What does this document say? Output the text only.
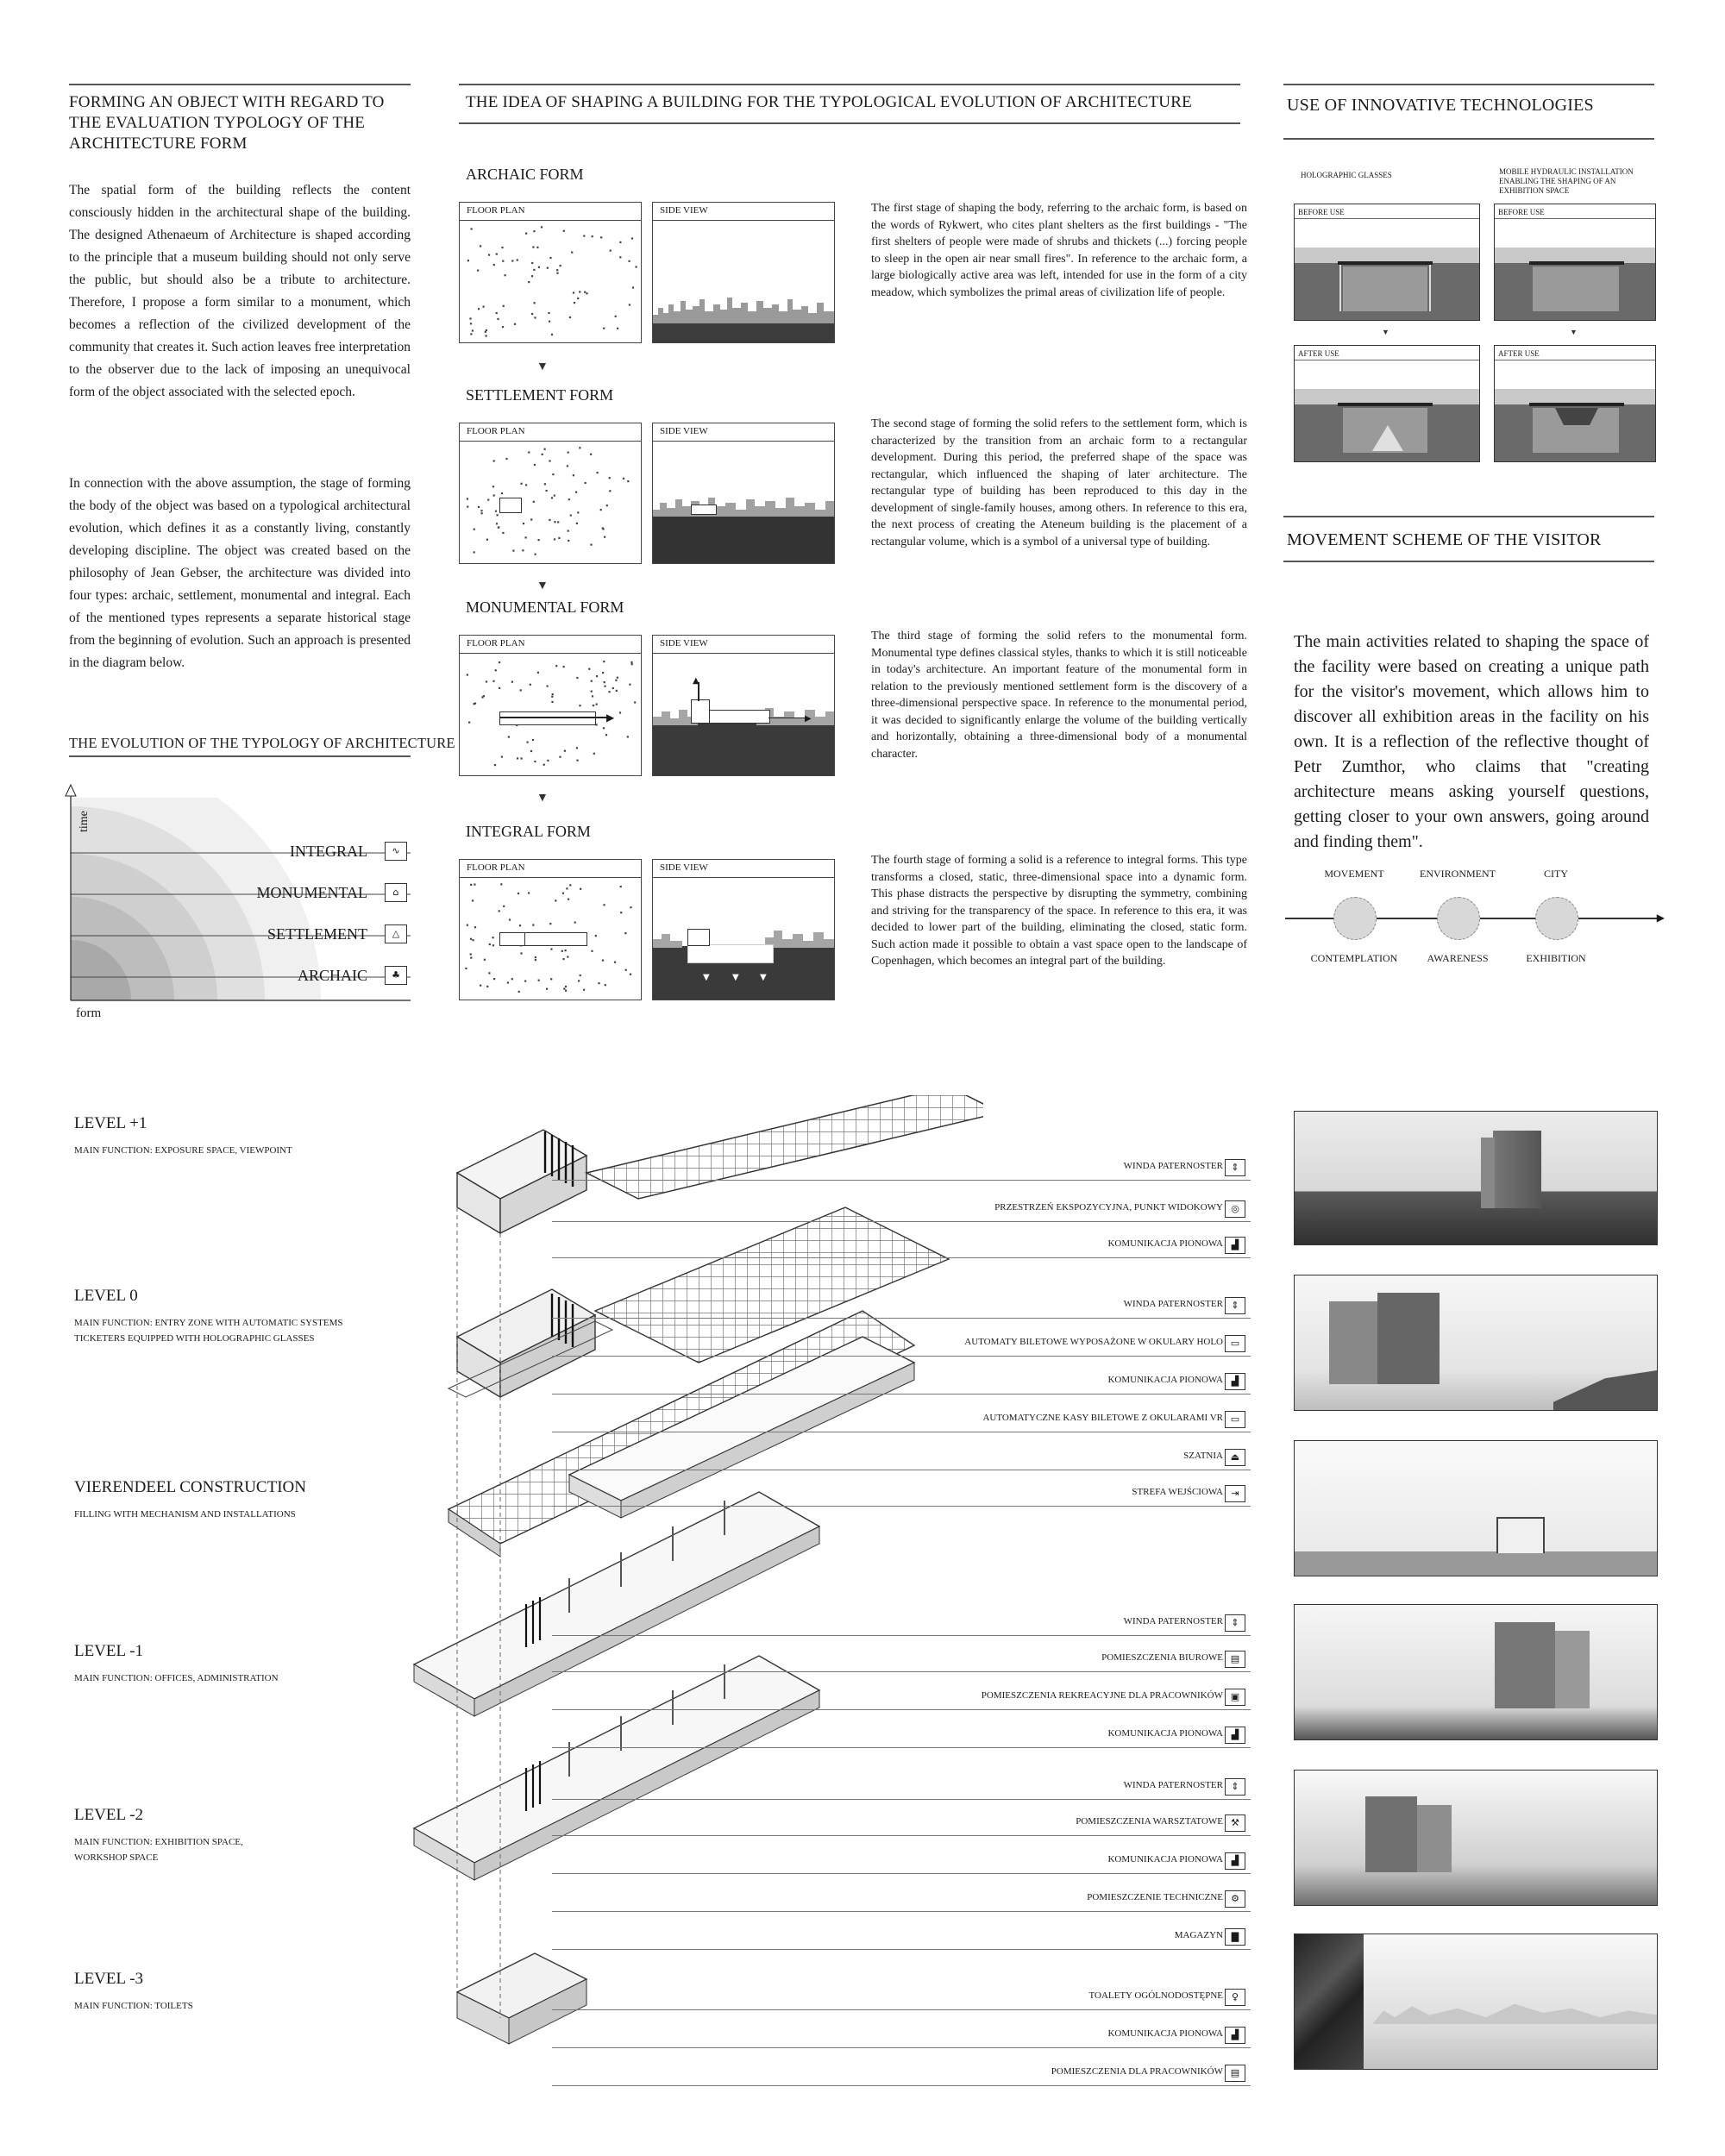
FORMING AN OBJECT WITH REGARD TO THE EVALUATION TYPOLOGY OF THE ARCHITECTURE FORM
The spatial form of the building reflects the content consciously hidden in the architectural shape of the building. The designed Athenaeum of Architecture is shaped according to the principle that a museum building should not only serve the public, but should also be a tribute to architecture. Therefore, I propose a form similar to a monument, which becomes a reflection of the civilized development of the community that creates it. Such action leaves free interpretation to the observer due to the lack of imposing an unequivocal form of the object associated with the selected epoch.
In connection with the above assumption, the stage of forming the body of the object was based on a typological architectural evolution, which defines it as a constantly living, constantly developing discipline. The object was created based on the philosophy of Jean Gebser, the architecture was divided into four types: archaic, settlement, monumental and integral. Each of the mentioned types represents a separate historical stage from the beginning of evolution. Such an approach is presented in the diagram below.
THE EVOLUTION OF THE TYPOLOGY OF ARCHITECTURE
time
form
INTEGRAL	∿
MONUMENTAL	⌂
SETTLEMENT	△
ARCHAIC	♣
THE IDEA OF SHAPING A BUILDING FOR THE TYPOLOGICAL EVOLUTION OF ARCHITECTURE
ARCHAIC FORM
FLOOR PLAN	SIDE VIEW	The first stage of shaping the body, referring to the archaic form, is based on the words of Rykwert, who cites plant shelters as the first buildings - "The first shelters of people were made of shrubs and thickets (...) forcing people to sleep in the open air near small fires". In reference to the archaic form, a large biologically active area was left, intended for use in the form of a city meadow, which symbolizes the primal areas of civilization life of people.
▼
SETTLEMENT FORM
FLOOR PLAN	SIDE VIEW
The second stage of forming the solid refers to the settlement form, which is characterized by the transition from an archaic form to a rectangular development. During this period, the preferred shape of the space was rectangular, which influenced the shaping of later architecture. The rectangular type of building has been reproduced to this day in the development of single-family houses, among others. In reference to this era, the next process of creating the Ateneum building is the placement of a rectangular volume, which is a symbol of a universal type of building.
▼
MONUMENTAL FORM
FLOOR PLAN
▶
SIDE VIEW
▲
▶
The third stage of forming the solid refers to the monumental form. Monumental type defines classical styles, thanks to which it is still noticeable in today's architecture. An important feature of the monumental form in relation to the previously mentioned settlement form is the discovery of a three-dimensional perspective space. In reference to the monumental period, it was decided to significantly enlarge the volume of the building vertically and horizontally, obtaining a three-dimensional body of a monumental character.
▼
INTEGRAL FORM
FLOOR PLAN	SIDE VIEW
▼	▼ ▼
The fourth stage of forming a solid is a reference to integral forms. This type transforms a closed, static, three-dimensional space into a dynamic form. This phase distracts the perspective by disrupting the symmetry, combining and striving for the transparency of the space. In reference to this era, it was decided to lower part of the building, eliminating the closed, static form. Such action made it possible to obtain a vast space open to the landscape of Copenhagen, which becomes an integral part of the building.
USE OF INNOVATIVE TECHNOLOGIES
HOLOGRAPHIC GLASSES	MOBILE HYDRAULIC INSTALLATION ENABLING THE SHAPING OF AN EXHIBITION SPACE
BEFORE USE	BEFORE USE
▼	▼
AFTER USE	AFTER USE
MOVEMENT SCHEME OF THE VISITOR
The main activities related to shaping the space of the facility were based on creating a unique path for the visitor's movement, which allows him to discover all exhibition areas in the facility on his own. It is a reflection of the reflective thought of Petr Zumthor, who claims that "creating architecture means asking yourself questions, getting closer to your own answers, going around and finding them".
▶
MOVEMENT
CONTEMPLATION
ENVIRONMENT
AWARENESS
CITY
EXHIBITION
LEVEL +1
MAIN FUNCTION: EXPOSURE SPACE, VIEWPOINT
LEVEL 0
MAIN FUNCTION: ENTRY ZONE WITH AUTOMATIC SYSTEMS
TICKETERS EQUIPPED WITH HOLOGRAPHIC GLASSES
VIERENDEEL CONSTRUCTION
FILLING WITH MECHANISM AND INSTALLATIONS
LEVEL -1
MAIN FUNCTION: OFFICES, ADMINISTRATION
LEVEL -2
MAIN FUNCTION: EXHIBITION SPACE,
WORKSHOP SPACE
LEVEL -3
MAIN FUNCTION: TOILETS
WINDA PATERNOSTER ⇕
PRZESTRZEŃ EKSPOZYCYJNA, PUNKT WIDOKOWY ◎
KOMUNIKACJA PIONOWA ▟
WINDA PATERNOSTER ⇕
AUTOMATY BILETOWE WYPOSAŻONE W OKULARY HOLO ▭
KOMUNIKACJA PIONOWA ▟
AUTOMATYCZNE KASY BILETOWE Z OKULARAMI VR ▭
SZATNIA ⏏
STREFA WEJŚCIOWA ⇥
WINDA PATERNOSTER ⇕
POMIESZCZENIA BIUROWE ▤
POMIESZCZENIA REKREACYJNE DLA PRACOWNIKÓW ▣
KOMUNIKACJA PIONOWA ▟
WINDA PATERNOSTER ⇕
POMIESZCZENIA WARSZTATOWE ⚒
KOMUNIKACJA PIONOWA ▟
POMIESZCZENIE TECHNICZNE ⚙
MAGAZYN ▇
TOALETY OGÓLNODOSTĘPNE ♀
KOMUNIKACJA PIONOWA ▟
POMIESZCZENIA DLA PRACOWNIKÓW ▤
